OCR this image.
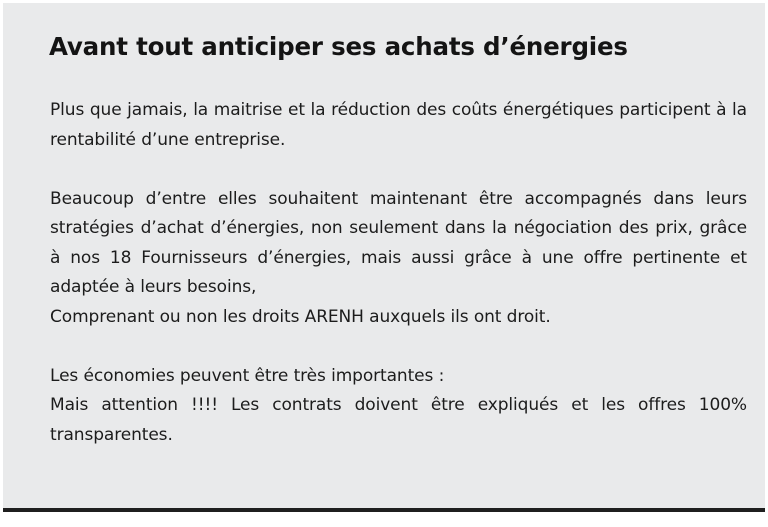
Avant tout anticiper ses achats d’énergies

Plus que jamais, la maitrise et la réduction des coûts énergétiques participent à la rentabilité d’une entreprise.

Beaucoup d’entre elles souhaitent maintenant être accompagnés dans leurs stratégies d’achat d’énergies, non seulement dans la négociation des prix, grâce à nos 18 Fournisseurs d’énergies, mais aussi grâce à une offre pertinente et adaptée à leurs besoins,

Comprenant ou non les droits ARENH auxquels ils ont droit.

Les économies peuvent être très importantes :

Mais attention !!!! Les contrats doivent être expliqués et les offres 100% transparentes.
